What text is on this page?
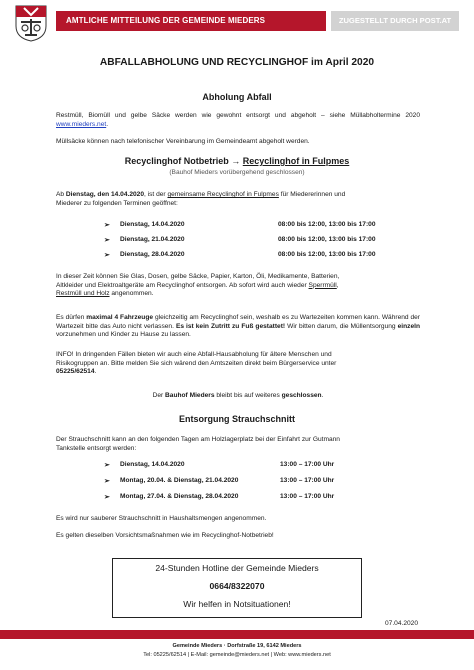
AMTLICHE MITTEILUNG DER GEMEINDE MIEDERS	ZUGESTELLT DURCH POST.AT
ABFALLABHOLUNG UND RECYCLINGHOF im April 2020
Abholung Abfall
Restmüll, Biomüll und gelbe Säcke werden wie gewohnt entsorgt und abgeholt – siehe Müllabholtermine 2020 www.mieders.net.
Müllsäcke können nach telefonischer Vereinbarung im Gemeindeamt abgeholt werden.
Recyclinghof Notbetrieb → Recyclinghof in Fulpmes
(Bauhof Mieders vorübergehend geschlossen)
Ab Dienstag, den 14.04.2020, ist der gemeinsame Recyclinghof in Fulpmes für Miedererinnen und
Miederer zu folgenden Terminen geöffnet:
➢ Dienstag, 14.04.2020	08:00 bis 12:00, 13:00 bis 17:00
➢ Dienstag, 21.04.2020	08:00 bis 12:00, 13:00 bis 17:00
➢ Dienstag, 28.04.2020	08:00 bis 12:00, 13:00 bis 17:00
In dieser Zeit können Sie Glas, Dosen, gelbe Säcke, Papier, Karton, Öli, Medikamente, Batterien,
Altkleider und Elektroaltgeräte am Recyclinghof entsorgen. Ab sofort wird auch wieder Sperrmüll,
Restmüll und Holz angenommen.
Es dürfen maximal 4 Fahrzeuge gleichzeitig am Recyclinghof sein, weshalb es zu Wartezeiten kommen kann. Während der Wartezeit bitte das Auto nicht verlassen. Es ist kein Zutritt zu Fuß gestattet! Wir bitten darum, die Müllentsorgung einzeln vorzunehmen und Kinder zu Hause zu lassen.
INFO! In dringenden Fällen bieten wir auch eine Abfall-Hausabholung für ältere Menschen und
Risikogruppen an. Bitte melden Sie sich wärend den Amtszeiten direkt beim Bürgerservice unter
05225/62514.
Der Bauhof Mieders bleibt bis auf weiteres geschlossen.
Entsorgung Strauchschnitt
Der Strauchschnitt kann an den folgenden Tagen am Holzlagerplatz bei der Einfahrt zur Gutmann
Tankstelle entsorgt werden:
➢ Dienstag, 14.04.2020	13:00 – 17:00 Uhr
➢ Montag, 20.04. & Dienstag, 21.04.2020	13:00 – 17:00 Uhr
➢ Montag, 27.04. & Dienstag, 28.04.2020	13:00 – 17:00 Uhr
Es wird nur sauberer Strauchschnitt in Haushaltsmengen angenommen.
Es gelten dieselben Vorsichtsmaßnahmen wie im Recyclinghof-Notbetrieb!
24-Stunden Hotline der Gemeinde Mieders
0664/8322070
Wir helfen in Notsituationen!
07.04.2020
Gemeinde Mieders · Dorfstraße 19, 6142 Mieders
Tel: 05225/62514 | E-Mail: gemeinde@mieders.net | Web: www.mieders.net
